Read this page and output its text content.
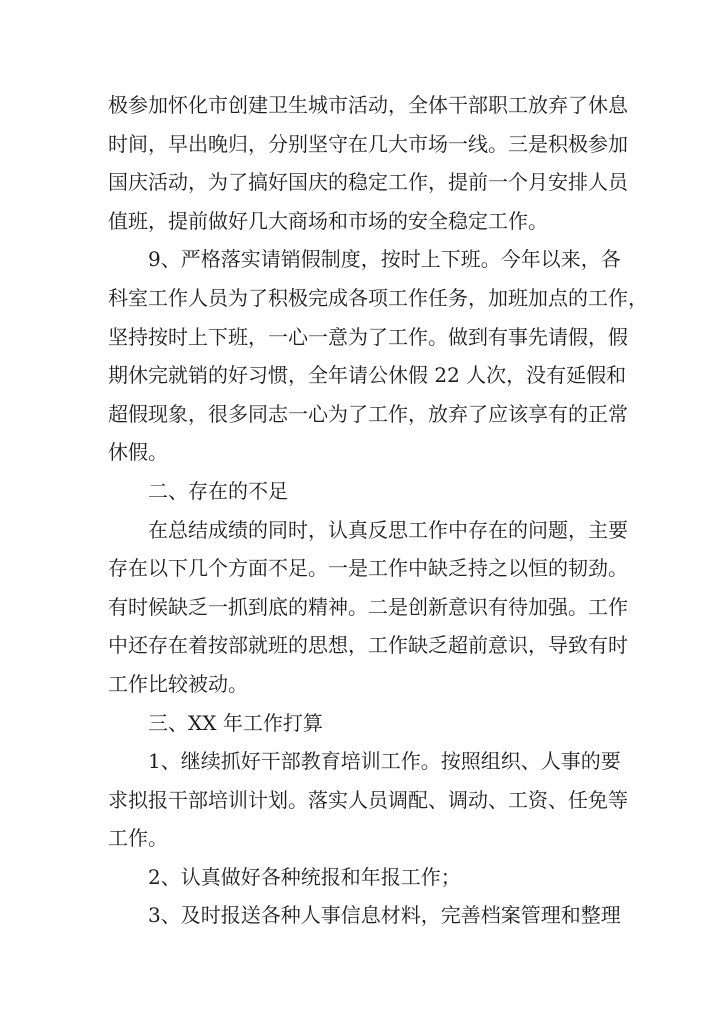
极参加怀化市创建卫生城市活动，全体干部职工放弃了休息
时间，早出晚归，分别坚守在几大市场一线。三是积极参加
国庆活动，为了搞好国庆的稳定工作，提前一个月安排人员
值班，提前做好几大商场和市场的安全稳定工作。
9、严格落实请销假制度，按时上下班。今年以来，各
科室工作人员为了积极完成各项工作任务，加班加点的工作，
坚持按时上下班，一心一意为了工作。做到有事先请假，假
期休完就销的好习惯，全年请公休假 22 人次，没有延假和
超假现象，很多同志一心为了工作，放弃了应该享有的正常
休假。
二、存在的不足
在总结成绩的同时，认真反思工作中存在的问题，主要
存在以下几个方面不足。一是工作中缺乏持之以恒的韧劲。
有时候缺乏一抓到底的精神。二是创新意识有待加强。工作
中还存在着按部就班的思想，工作缺乏超前意识，导致有时
工作比较被动。
三、XX 年工作打算
1、继续抓好干部教育培训工作。按照组织、人事的要
求拟报干部培训计划。落实人员调配、调动、工资、任免等
工作。
2、认真做好各种统报和年报工作；
3、及时报送各种人事信息材料，完善档案管理和整理
